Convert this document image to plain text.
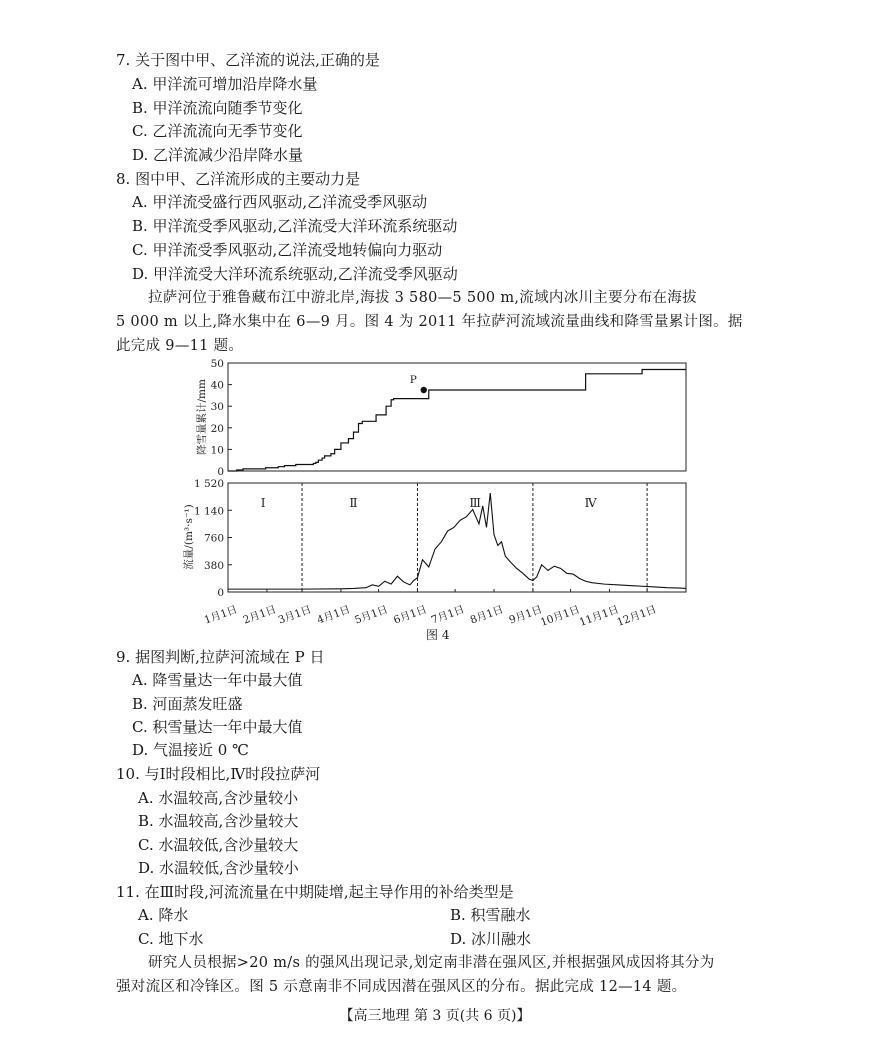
7. 关于图中甲、乙洋流的说法,正确的是
A. 甲洋流可增加沿岸降水量
B. 甲洋流流向随季节变化
C. 乙洋流流向无季节变化
D. 乙洋流减少沿岸降水量
8. 图中甲、乙洋流形成的主要动力是
A. 甲洋流受盛行西风驱动,乙洋流受季风驱动
B. 甲洋流受季风驱动,乙洋流受大洋环流系统驱动
C. 甲洋流受季风驱动,乙洋流受地转偏向力驱动
D. 甲洋流受大洋环流系统驱动,乙洋流受季风驱动
拉萨河位于雅鲁藏布江中游北岸,海拔 3 580—5 500 m,流域内冰川主要分布在海拔
5 000 m 以上,降水集中在 6—9 月。图 4 为 2011 年拉萨河流域流量曲线和降雪量累计图。据
此完成 9—11 题。
0
10
20
30
40
50
降雪量累计/mm	P
0
380
760
1 140
1 520
流量/(m³·s⁻¹)
Ⅰ	Ⅱ	Ⅲ	Ⅳ
1月1日 2月1日
3月1日 4月1日 5月1日 6月1日 7月1日 8月1日 9月1日
10月1日
11月1日
12月1日
图 4
9. 据图判断,拉萨河流域在 P 日
A. 降雪量达一年中最大值
B. 河面蒸发旺盛
C. 积雪量达一年中最大值
D. 气温接近 0 ℃
10. 与Ⅰ时段相比,Ⅳ时段拉萨河
A. 水温较高,含沙量较小
B. 水温较高,含沙量较大
C. 水温较低,含沙量较大
D. 水温较低,含沙量较小
11. 在Ⅲ时段,河流流量在中期陡增,起主导作用的补给类型是
A. 降水	B. 积雪融水
C. 地下水	D. 冰川融水
研究人员根据>20 m/s 的强风出现记录,划定南非潜在强风区,并根据强风成因将其分为
强对流区和冷锋区。图 5 示意南非不同成因潜在强风区的分布。据此完成 12—14 题。
【高三地理 第 3 页(共 6 页)】
